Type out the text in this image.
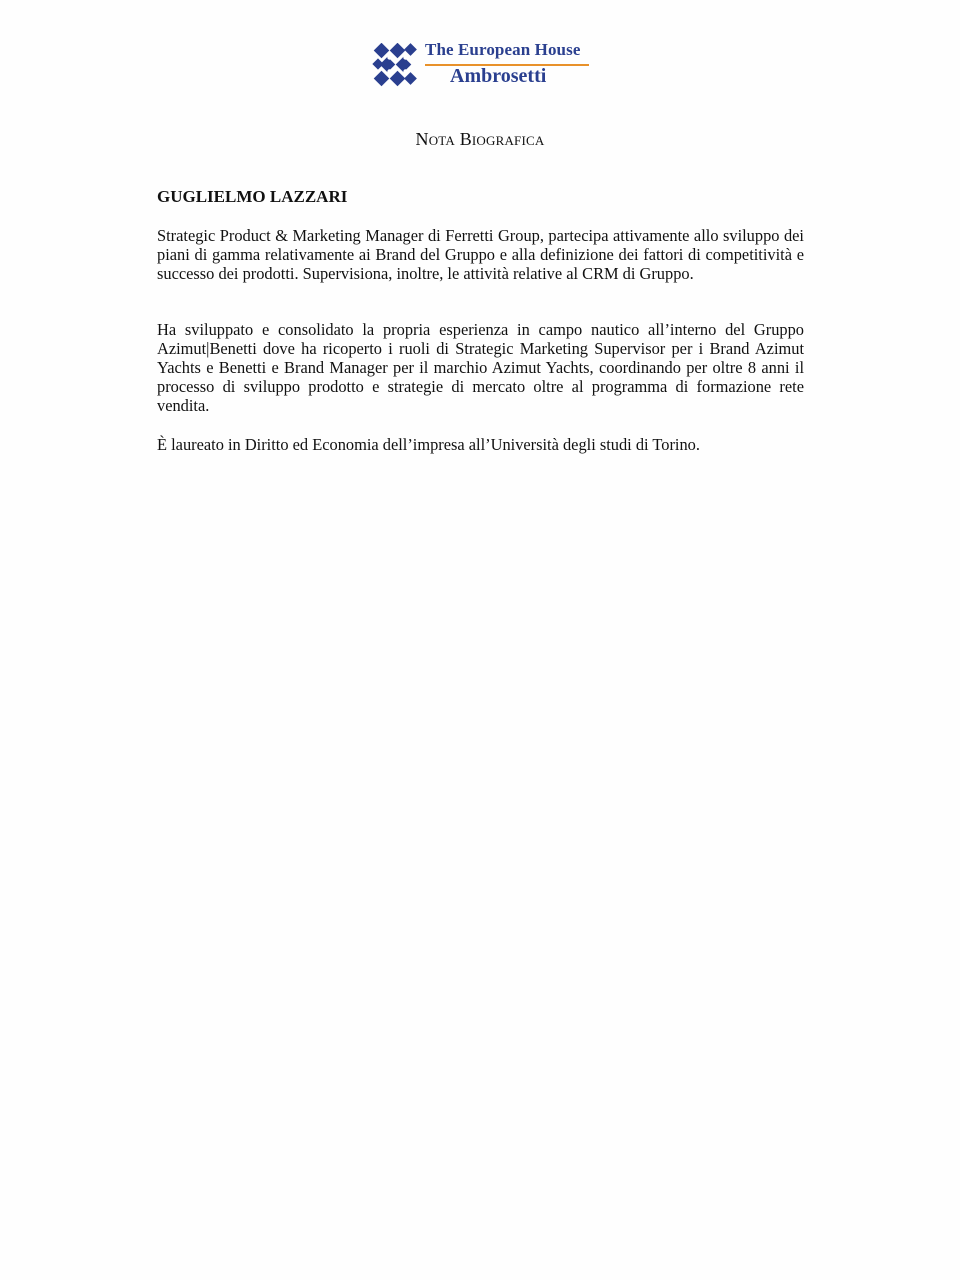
The European House
Ambrosetti
Nota Biografica
GUGLIELMO LAZZARI

Strategic Product & Marketing Manager di Ferretti Group, partecipa attivamente allo sviluppo dei piani di gamma relativamente ai Brand del Gruppo e alla definizione dei fattori di competitività e successo dei prodotti. Supervisiona, inoltre, le attività relative al CRM di Gruppo.

Ha sviluppato e consolidato la propria esperienza in campo nautico all’interno del Gruppo Azimut|Benetti dove ha ricoperto i ruoli di Strategic Marketing Supervisor per i Brand Azimut Yachts e Benetti e Brand Manager per il marchio Azimut Yachts, coordinando per oltre 8 anni il processo di sviluppo prodotto e strategie di mercato oltre al programma di formazione rete vendita.

È laureato in Diritto ed Economia dell’impresa all’Università degli studi di Torino.
